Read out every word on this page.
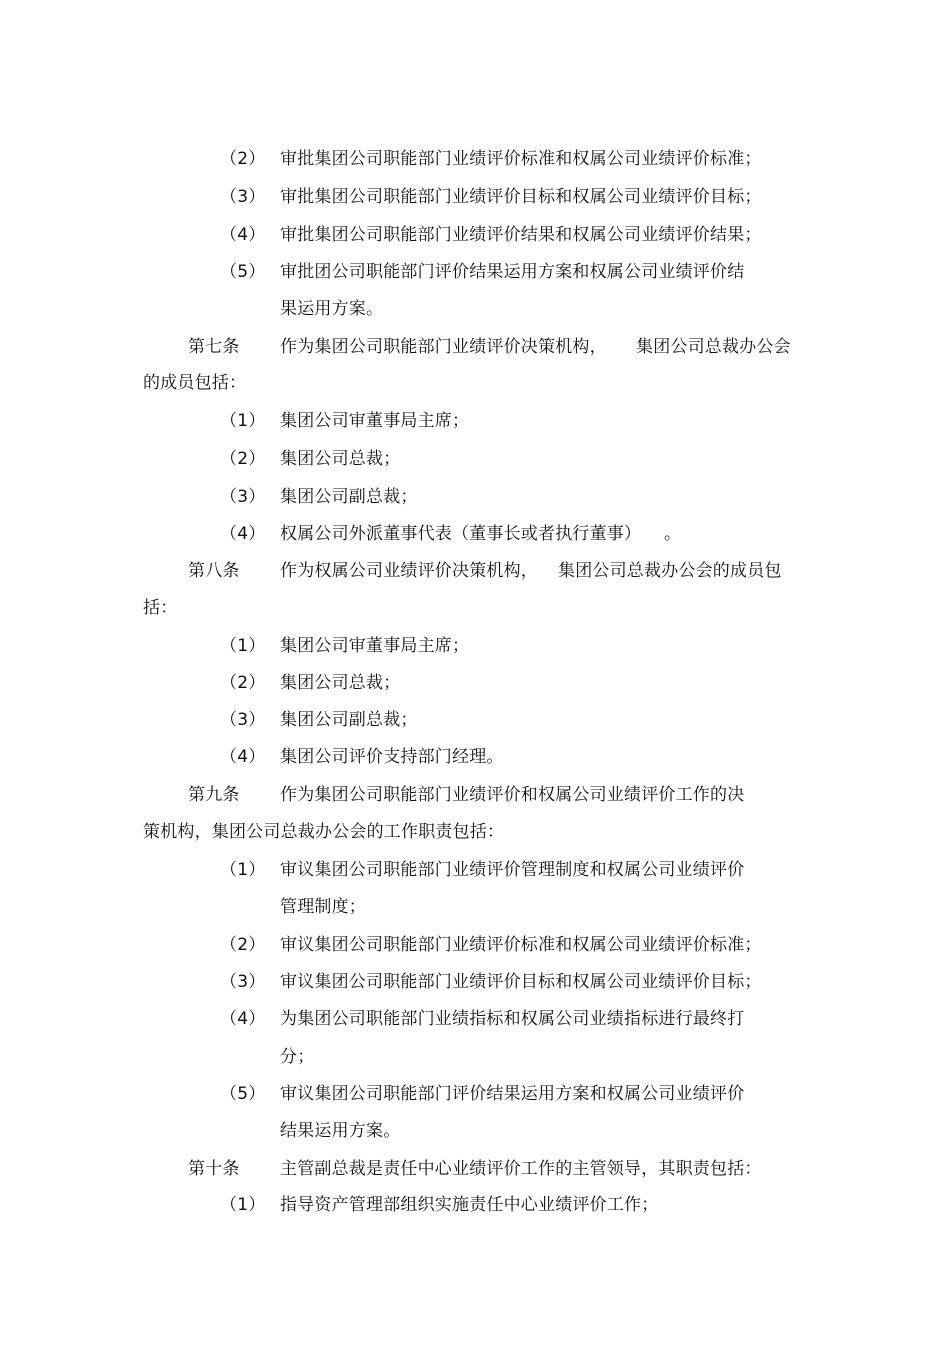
（2） 审批集团公司职能部门业绩评价标准和权属公司业绩评价标准；
（3） 审批集团公司职能部门业绩评价目标和权属公司业绩评价目标；
（4） 审批集团公司职能部门业绩评价结果和权属公司业绩评价结果；
（5） 审批团公司职能部门评价结果运用方案和权属公司业绩评价结
果运用方案。
第七条 作为集团公司职能部门业绩评价决策机构， 集团公司总裁办公会
的成员包括：
（1） 集团公司审董事局主席；
（2） 集团公司总裁；
（3） 集团公司副总裁；
（4） 权属公司外派董事代表（董事长或者执行董事） 。
第八条 作为权属公司业绩评价决策机构， 集团公司总裁办公会的成员包
括：
（1） 集团公司审董事局主席；
（2） 集团公司总裁；
（3） 集团公司副总裁；
（4） 集团公司评价支持部门经理。
第九条 作为集团公司职能部门业绩评价和权属公司业绩评价工作的决
策机构，集团公司总裁办公会的工作职责包括：
（1） 审议集团公司职能部门业绩评价管理制度和权属公司业绩评价
管理制度；
（2） 审议集团公司职能部门业绩评价标准和权属公司业绩评价标准；
（3） 审议集团公司职能部门业绩评价目标和权属公司业绩评价目标；
（4） 为集团公司职能部门业绩指标和权属公司业绩指标进行最终打
分；
（5） 审议集团公司职能部门评价结果运用方案和权属公司业绩评价
结果运用方案。
第十条 主管副总裁是责任中心业绩评价工作的主管领导，其职责包括：
（1） 指导资产管理部组织实施责任中心业绩评价工作；
